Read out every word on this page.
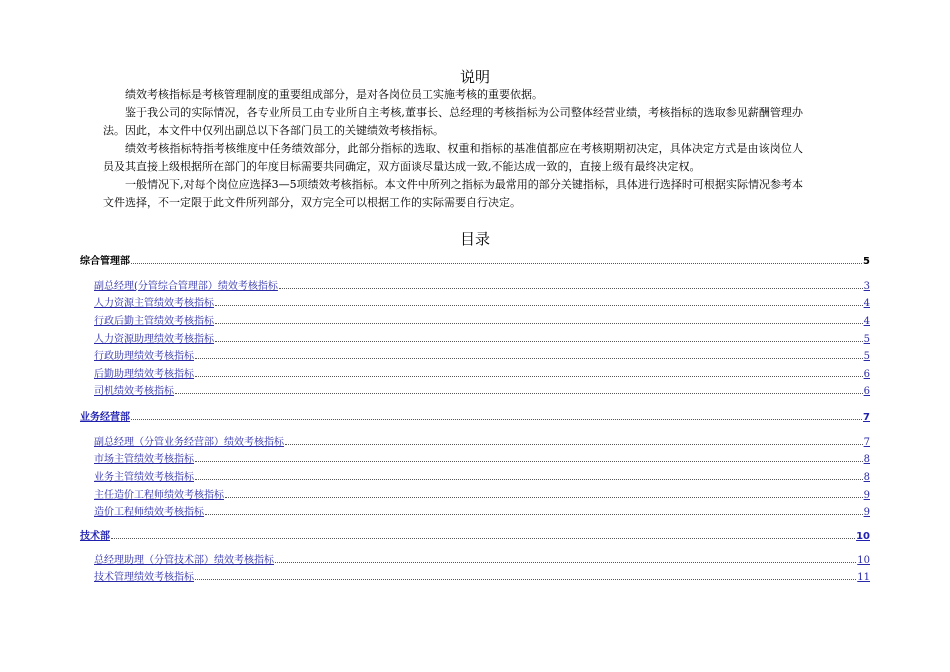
说明

绩效考核指标是考核管理制度的重要组成部分，是对各岗位员工实施考核的重要依据。

鉴于我公司的实际情况，各专业所员工由专业所自主考核,董事长、总经理的考核指标为公司整体经营业绩，考核指标的选取参见薪酬管理办法。因此，本文件中仅列出副总以下各部门员工的关键绩效考核指标。

绩效考核指标特指考核维度中任务绩效部分，此部分指标的选取、权重和指标的基准值都应在考核期期初决定，具体决定方式是由该岗位人员及其直接上级根据所在部门的年度目标需要共同确定，双方面谈尽量达成一致,不能达成一致的，直接上级有最终决定权。

一般情况下,对每个岗位应选择3—5项绩效考核指标。本文件中所列之指标为最常用的部分关键指标，具体进行选择时可根据实际情况参考本文件选择，不一定限于此文件所列部分，双方完全可以根据工作的实际需要自行决定。

目录
综合管理部	5
副总经理(分管综合管理部）绩效考核指标	3
人力资源主管绩效考核指标	4
行政后勤主管绩效考核指标	4
人力资源助理绩效考核指标	5
行政助理绩效考核指标	5
后勤助理绩效考核指标	6
司机绩效考核指标	6
业务经营部	7
副总经理（分管业务经营部）绩效考核指标	7
市场主管绩效考核指标	8
业务主管绩效考核指标	8
主任造价工程师绩效考核指标	9
造价工程师绩效考核指标	9
技术部	10
总经理助理（分管技术部）绩效考核指标	10
技术管理绩效考核指标	11
